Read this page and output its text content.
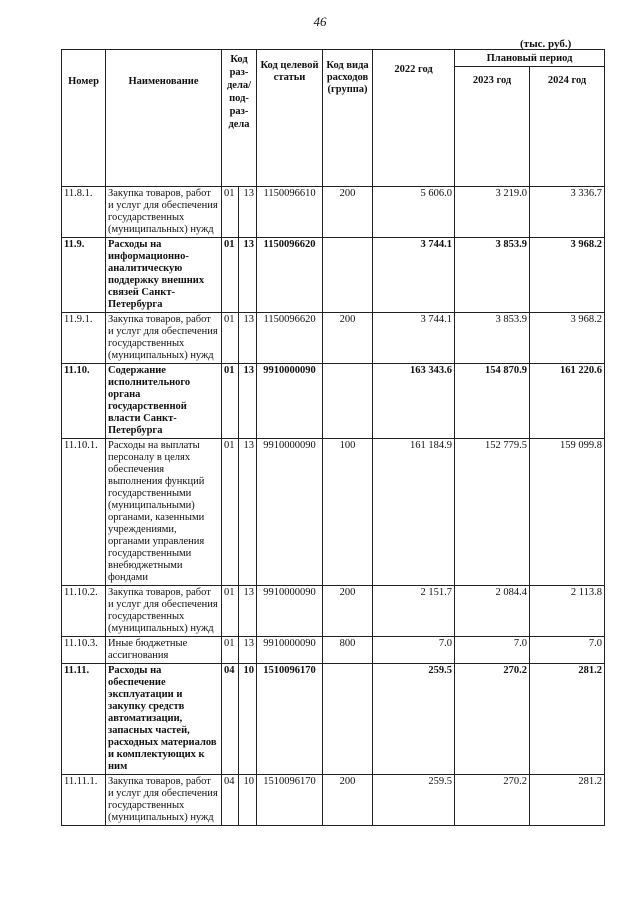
46
(тыс. руб.)
Номер	Наименование	Код раз-дела/ под-раз-дела		Код целевой статьи	Код вида расходов (группа)	2022 год	Плановый период	
							2023 год	2024 год
11.8.1.	Закупка товаров, работ и услуг для обеспечения государственных (муниципальных) нужд	01	13	1150096610	200	5 606.0	3 219.0	3 336.7
11.9.	Расходы на информационно-аналитическую поддержку внешних связей Санкт-Петербурга	01	13	1150096620		3 744.1	3 853.9	3 968.2
11.9.1.	Закупка товаров, работ и услуг для обеспечения государственных (муниципальных) нужд	01	13	1150096620	200	3 744.1	3 853.9	3 968.2
11.10.	Содержание исполнительного органа государственной власти Санкт-Петербурга	01	13	9910000090		163 343.6	154 870.9	161 220.6
11.10.1.	Расходы на выплаты персоналу в целях обеспечения выполнения функций государственными (муниципальными) органами, казенными учреждениями, органами управления государственными внебюджетными фондами	01	13	9910000090	100	161 184.9	152 779.5	159 099.8
11.10.2.	Закупка товаров, работ и услуг для обеспечения государственных (муниципальных) нужд	01	13	9910000090	200	2 151.7	2 084.4	2 113.8
11.10.3.	Иные бюджетные ассигнования	01	13	9910000090	800	7.0	7.0	7.0
11.11.	Расходы на обеспечение эксплуатации и закупку средств автоматизации, запасных частей, расходных материалов и комплектующих к ним	04	10	1510096170		259.5	270.2	281.2
11.11.1.	Закупка товаров, работ и услуг для обеспечения государственных (муниципальных) нужд	04	10	1510096170	200	259.5	270.2	281.2
